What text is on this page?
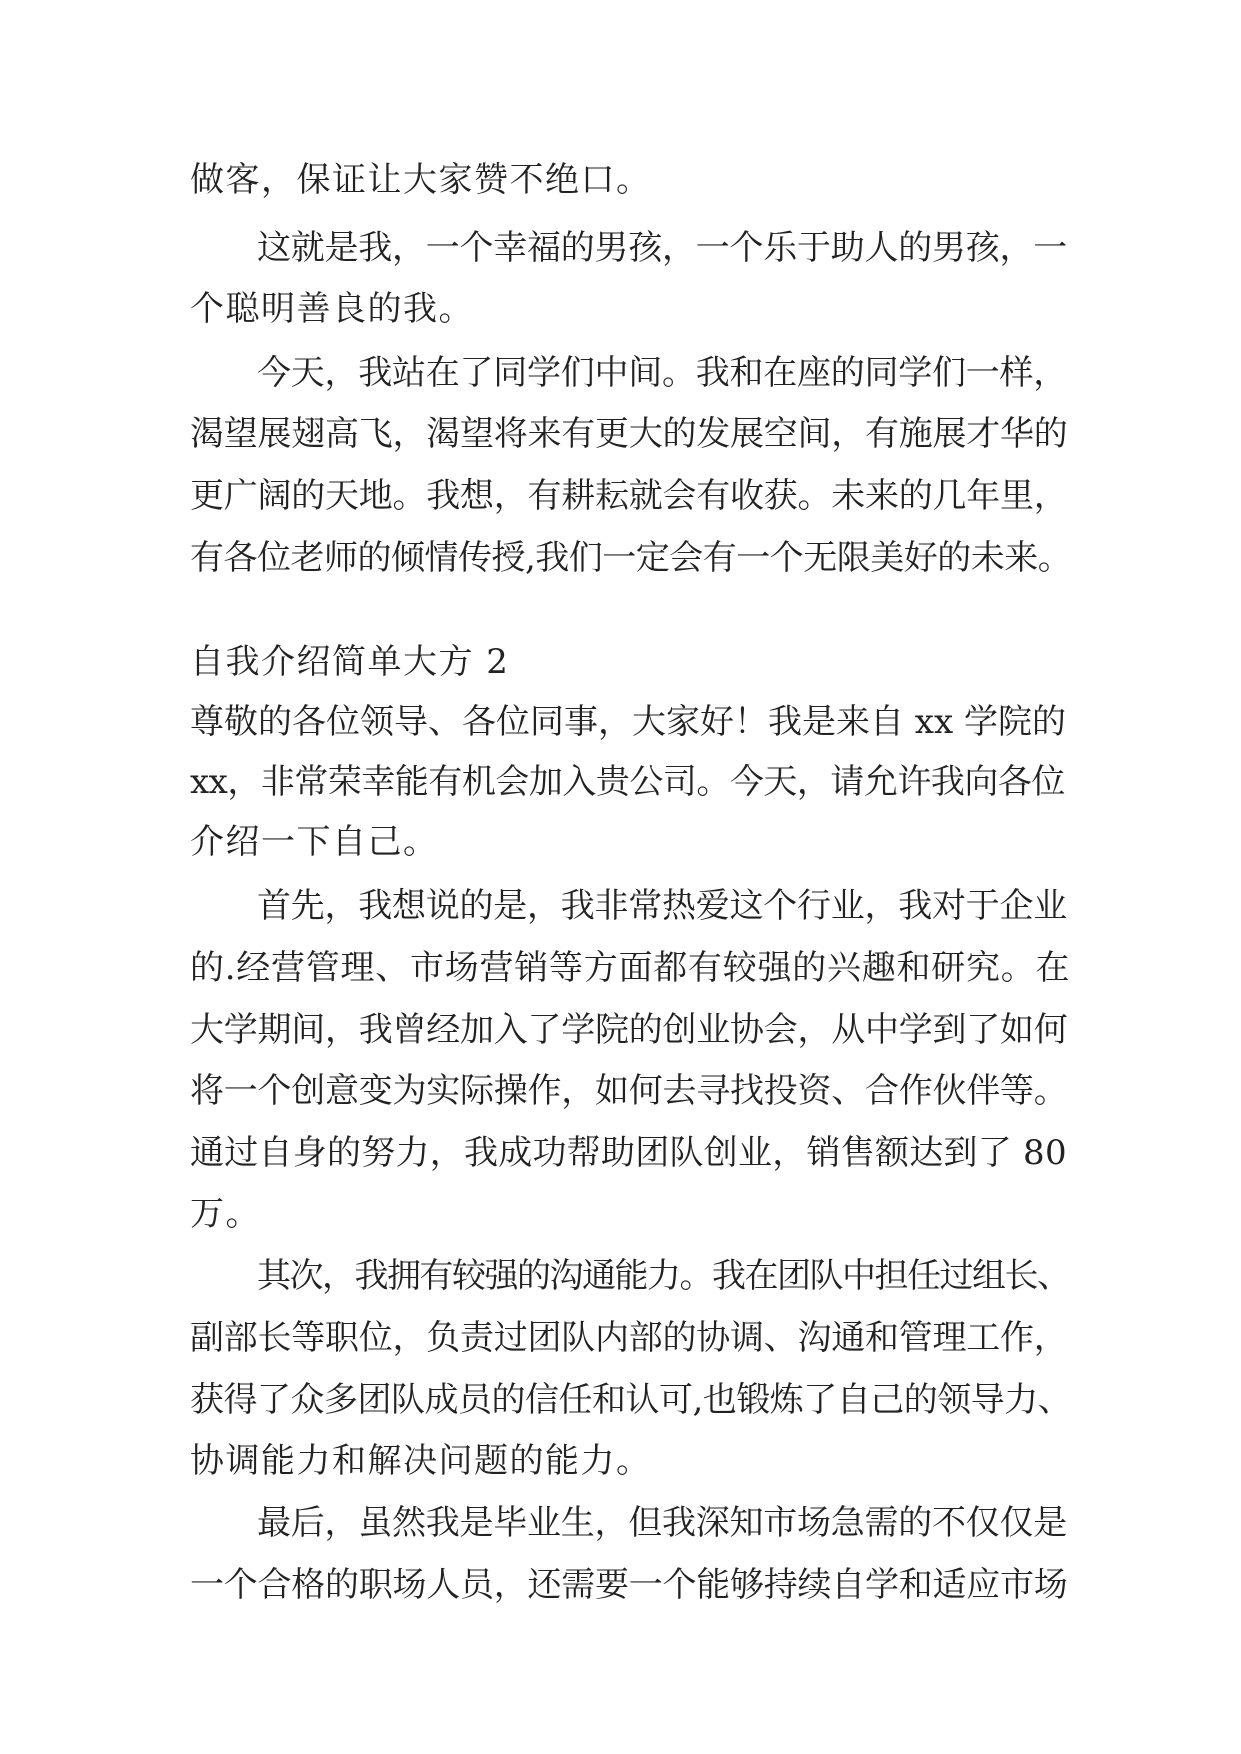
做客，保证让大家赞不绝口。
这就是我，一个幸福的男孩，一个乐于助人的男孩，一
个聪明善良的我。
今天，我站在了同学们中间。我和在座的同学们一样，
渴望展翅高飞，渴望将来有更大的发展空间，有施展才华的
更广阔的天地。我想，有耕耘就会有收获。未来的几年里，
有各位老师的倾情传授,我们一定会有一个无限美好的未来。
自我介绍简单大方 2
尊敬的各位领导、各位同事，大家好！我是来自 xx 学院的
xx，非常荣幸能有机会加入贵公司。今天，请允许我向各位
介绍一下自己。
首先，我想说的是，我非常热爱这个行业，我对于企业
的.经营管理、市场营销等方面都有较强的兴趣和研究。在
大学期间，我曾经加入了学院的创业协会，从中学到了如何
将一个创意变为实际操作，如何去寻找投资、合作伙伴等。
通过自身的努力，我成功帮助团队创业，销售额达到了 80
万。
其次，我拥有较强的沟通能力。我在团队中担任过组长、
副部长等职位，负责过团队内部的协调、沟通和管理工作，
获得了众多团队成员的信任和认可,也锻炼了自己的领导力、
协调能力和解决问题的能力。
最后，虽然我是毕业生，但我深知市场急需的不仅仅是
一个合格的职场人员，还需要一个能够持续自学和适应市场
